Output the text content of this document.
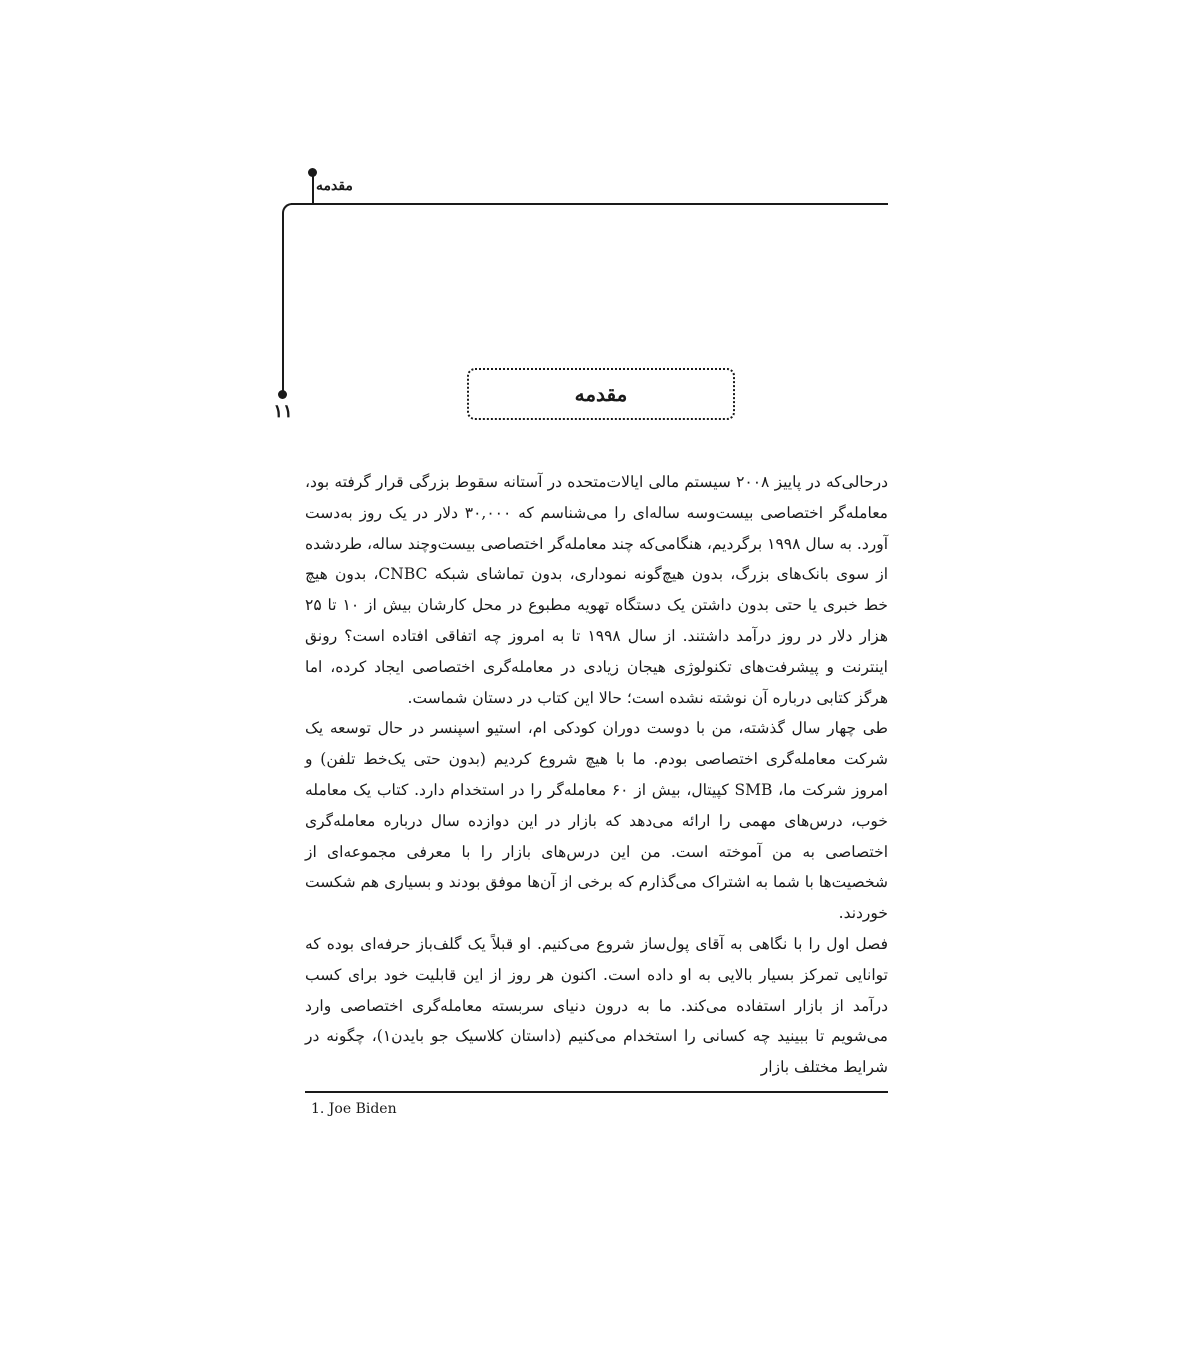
مقدمه
۱۱
مقدمه

درحالی‌که در پاییز ۲۰۰۸ سیستم مالی ایالات‌متحده در آستانه سقوط بزرگی قرار گرفته بود، معامله‌گر اختصاصی بیست‌وسه ساله‌ای را می‌شناسم که ۳۰,۰۰۰ دلار در یک روز به‌دست آورد. به سال ۱۹۹۸ برگردیم، هنگامی‌که چند معامله‌گر اختصاصی بیست‌وچند ساله، طردشده از سوی بانک‌های بزرگ، بدون هیچ‌گونه نموداری، بدون تماشای شبکه CNBC، بدون هیچ خط خبری یا حتی بدون داشتن یک دستگاه تهویه مطبوع در محل کارشان بیش از ۱۰ تا ۲۵ هزار دلار در روز درآمد داشتند. از سال ۱۹۹۸ تا به امروز چه اتفاقی افتاده است؟ رونق اینترنت و پیشرفت‌های تکنولوژی هیجان زیادی در معامله‌گری اختصاصی ایجاد کرده، اما هرگز کتابی درباره آن نوشته نشده است؛ حالا این کتاب در دستان شماست.

طی چهار سال گذشته، من با دوست دوران کودکی ام، استیو اسپنسر در حال توسعه یک شرکت معامله‌گری اختصاصی بودم. ما با هیچ شروع کردیم (بدون حتی یک‌خط تلفن) و امروز شرکت ما، SMB کپیتال، بیش از ۶۰ معامله‌گر را در استخدام دارد. کتاب یک معامله خوب، درس‌های مهمی را ارائه می‌دهد که بازار در این دوازده سال درباره معامله‌گری اختصاصی به من آموخته است. من این درس‌های بازار را با معرفی مجموعه‌ای از شخصیت‌ها با شما به اشتراک می‌گذارم که برخی از آن‌ها موفق بودند و بسیاری هم شکست خوردند.

فصل اول را با نگاهی به آقای پول‌ساز شروع می‌کنیم. او قبلاً یک گلف‌باز حرفه‌ای بوده که توانایی تمرکز بسیار بالایی به او داده است. اکنون هر روز از این قابلیت خود برای کسب درآمد از بازار استفاده می‌کند. ما به درون دنیای سربسته معامله‌گری اختصاصی وارد می‌شویم تا ببینید چه کسانی را استخدام می‌کنیم (داستان کلاسیک جو بایدن۱)، چگونه در شرایط مختلف بازار

1. Joe Biden
